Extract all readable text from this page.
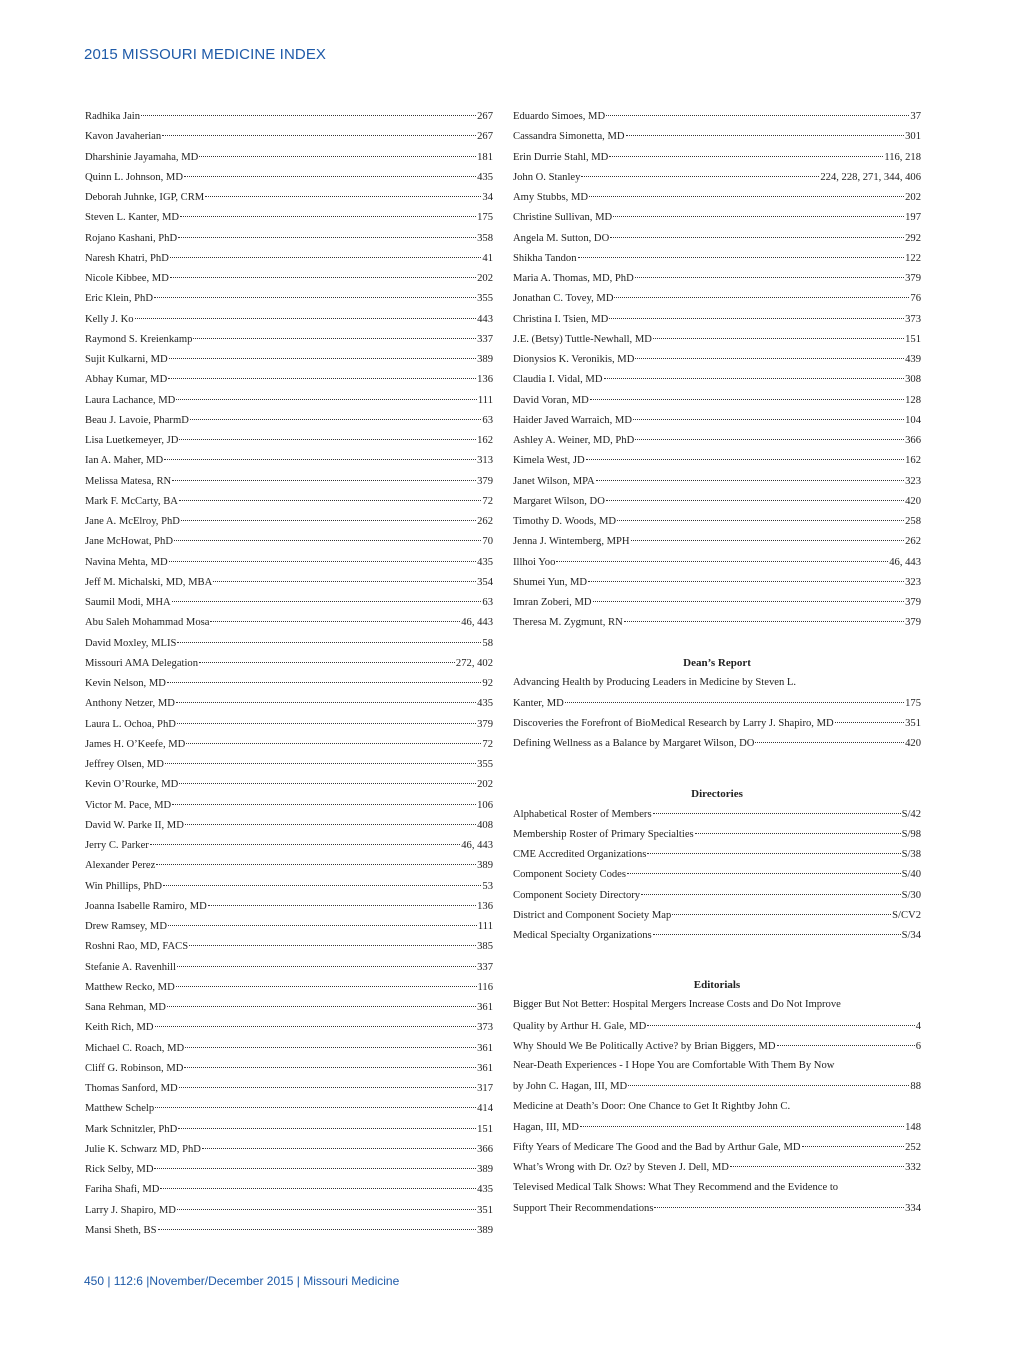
2015 MISSOURI MEDICINE INDEX
Radhika Jain	267
Kavon Javaherian	267
Dharshinie Jayamaha, MD	181
Quinn L. Johnson, MD	435
Deborah Juhnke, IGP, CRM	34
Steven L. Kanter, MD	175
Rojano Kashani, PhD	358
Naresh Khatri, PhD	41
Nicole Kibbee, MD	202
Eric Klein, PhD	355
Kelly J. Ko	443
Raymond S. Kreienkamp	337
Sujit Kulkarni, MD	389
Abhay Kumar, MD	136
Laura Lachance, MD	111
Beau J. Lavoie, PharmD	63
Lisa Luetkemeyer, JD	162
Ian A. Maher, MD	313
Melissa Matesa, RN	379
Mark F. McCarty, BA	72
Jane A. McElroy, PhD	262
Jane McHowat, PhD	70
Navina Mehta, MD	435
Jeff M. Michalski, MD, MBA	354
Saumil Modi, MHA	63
Abu Saleh Mohammad Mosa	46, 443
David Moxley, MLIS	58
Missouri AMA Delegation	272, 402
Kevin Nelson, MD	92
Anthony Netzer, MD	435
Laura L. Ochoa, PhD	379
James H. O’Keefe, MD	72
Jeffrey Olsen, MD	355
Kevin O’Rourke, MD	202
Victor M. Pace, MD	106
David W. Parke II, MD	408
Jerry C. Parker	46, 443
Alexander Perez	389
Win Phillips, PhD	53
Joanna Isabelle Ramiro, MD	136
Drew Ramsey, MD	111
Roshni Rao, MD, FACS	385
Stefanie A. Ravenhill	337
Matthew Recko, MD	116
Sana Rehman, MD	361
Keith Rich, MD	373
Michael C. Roach, MD	361
Cliff G. Robinson, MD	361
Thomas Sanford, MD	317
Matthew Schelp	414
Mark Schnitzler, PhD	151
Julie K. Schwarz MD, PhD	366
Rick Selby, MD	389
Fariha Shafi, MD	435
Larry J. Shapiro, MD	351
Mansi Sheth, BS	389
Eduardo Simoes, MD	37
Cassandra Simonetta, MD	301
Erin Durrie Stahl, MD	116, 218
John O. Stanley	224, 228, 271, 344, 406
Amy Stubbs, MD	202
Christine Sullivan, MD	197
Angela M. Sutton, DO	292
Shikha Tandon	122
Maria A. Thomas, MD, PhD	379
Jonathan C. Tovey, MD	76
Christina I. Tsien, MD	373
J.E. (Betsy) Tuttle-Newhall, MD	151
Dionysios K. Veronikis, MD	439
Claudia I. Vidal, MD	308
David Voran, MD	128
Haider Javed Warraich, MD	104
Ashley A. Weiner, MD, PhD	366
Kimela West, JD	162
Janet Wilson, MPA	323
Margaret Wilson, DO	420
Timothy D. Woods, MD	258
Jenna J. Wintemberg, MPH	262
Illhoi Yoo	46, 443
Shumei Yun, MD	323
Imran Zoberi, MD	379
Theresa M. Zygmunt, RN	379
Dean’s Report
Advancing Health by Producing Leaders in Medicine by Steven L.
Kanter, MD	175
Discoveries the Forefront of BioMedical Research by Larry J. Shapiro, MD	351
Defining Wellness as a Balance by Margaret Wilson, DO	420
Directories
Alphabetical Roster of Members	S/42
Membership Roster of Primary Specialties	S/98
CME Accredited Organizations	S/38
Component Society Codes	S/40
Component Society Directory	S/30
District and Component Society Map	S/CV2
Medical Specialty Organizations	S/34
Editorials
Bigger But Not Better: Hospital Mergers Increase Costs and Do Not Improve
Quality by Arthur H. Gale, MD	4
Why Should We Be Politically Active? by Brian Biggers, MD	6
Near-Death Experiences - I Hope You are Comfortable With Them By Now
by John C. Hagan, III, MD	88
Medicine at Death’s Door: One Chance to Get It Rightby John C.
Hagan, III, MD	148
Fifty Years of Medicare The Good and the Bad by Arthur Gale, MD	252
What’s Wrong with Dr. Oz? by Steven J. Dell, MD	332
Televised Medical Talk Shows: What They Recommend and the Evidence to
Support Their Recommendations	334
450 | 112:6 |November/December 2015 | Missouri Medicine
